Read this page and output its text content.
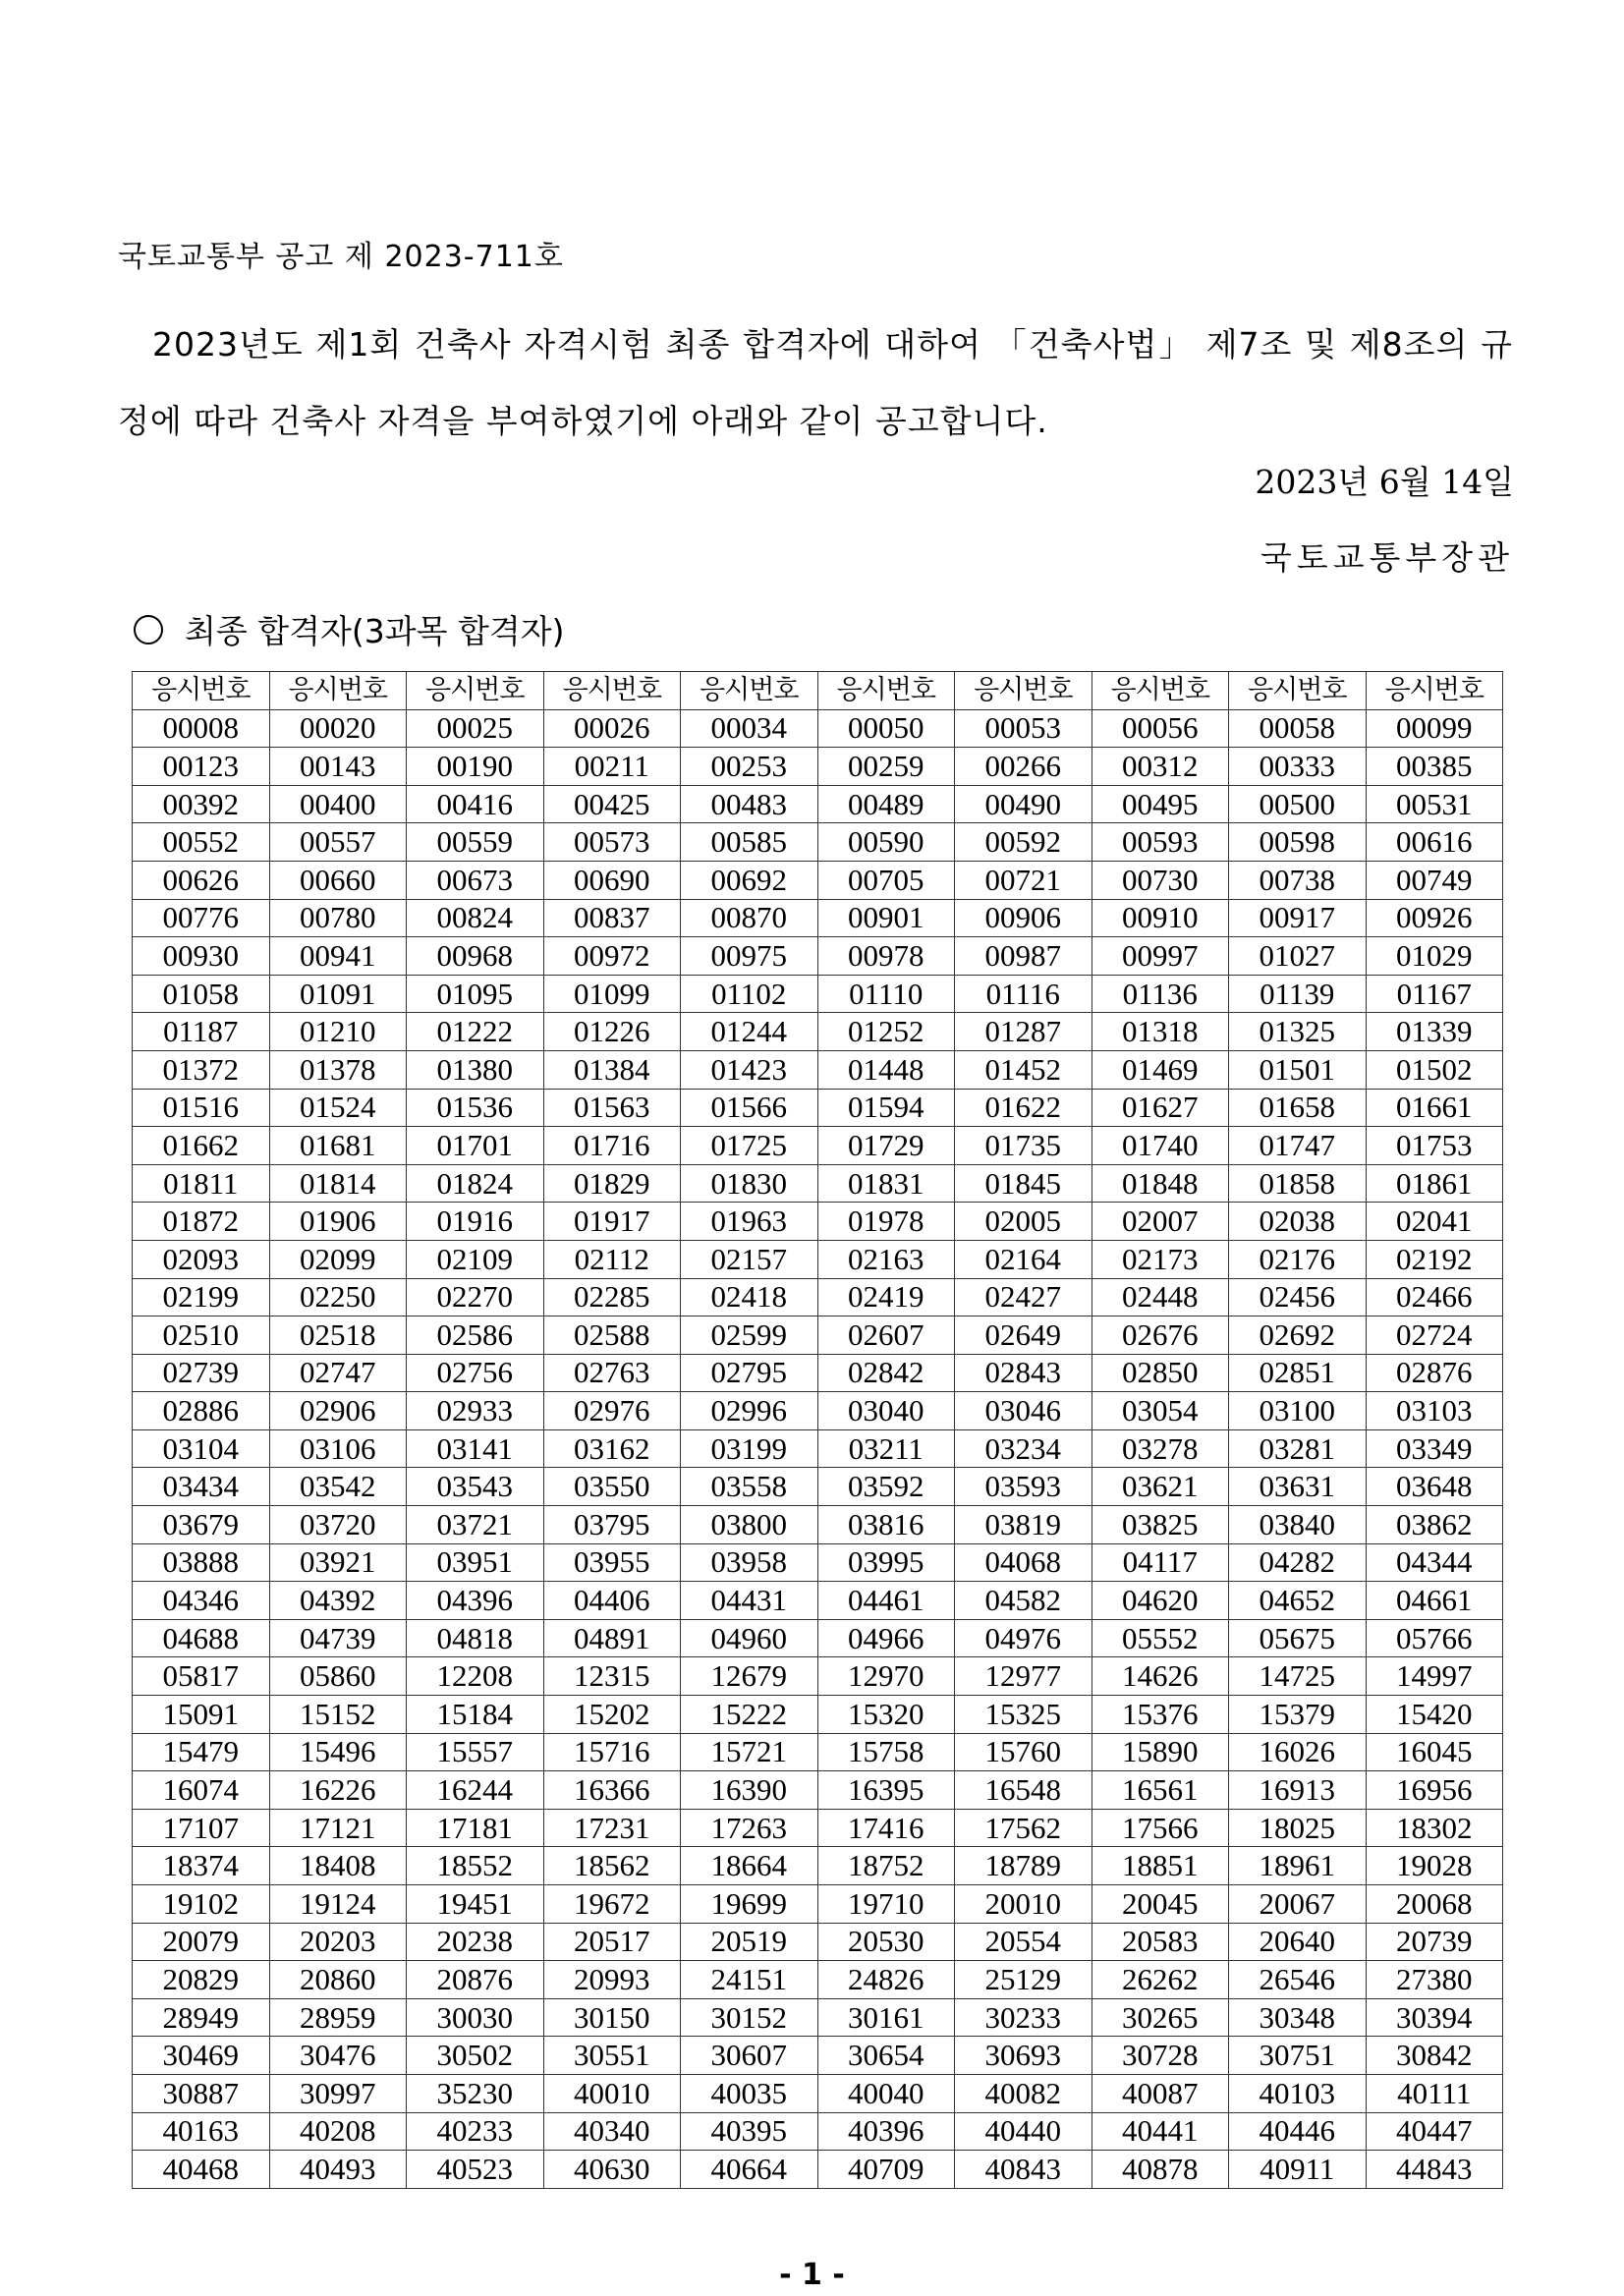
국토교통부 공고 제 2023-711호
2023년도 제1회 건축사 자격시험 최종 합격자에 대하여 「건축사법」 제7조 및 제8조의 규정에 따라 건축사 자격을 부여하였기에 아래와 같이 공고합니다.
2023년 6월 14일
국토교통부장관
최종 합격자(3과목 합격자)
응시번호	응시번호	응시번호	응시번호	응시번호	응시번호	응시번호	응시번호	응시번호	응시번호
00008	00020	00025	00026	00034	00050	00053	00056	00058	00099
00123	00143	00190	00211	00253	00259	00266	00312	00333	00385
00392	00400	00416	00425	00483	00489	00490	00495	00500	00531
00552	00557	00559	00573	00585	00590	00592	00593	00598	00616
00626	00660	00673	00690	00692	00705	00721	00730	00738	00749
00776	00780	00824	00837	00870	00901	00906	00910	00917	00926
00930	00941	00968	00972	00975	00978	00987	00997	01027	01029
01058	01091	01095	01099	01102	01110	01116	01136	01139	01167
01187	01210	01222	01226	01244	01252	01287	01318	01325	01339
01372	01378	01380	01384	01423	01448	01452	01469	01501	01502
01516	01524	01536	01563	01566	01594	01622	01627	01658	01661
01662	01681	01701	01716	01725	01729	01735	01740	01747	01753
01811	01814	01824	01829	01830	01831	01845	01848	01858	01861
01872	01906	01916	01917	01963	01978	02005	02007	02038	02041
02093	02099	02109	02112	02157	02163	02164	02173	02176	02192
02199	02250	02270	02285	02418	02419	02427	02448	02456	02466
02510	02518	02586	02588	02599	02607	02649	02676	02692	02724
02739	02747	02756	02763	02795	02842	02843	02850	02851	02876
02886	02906	02933	02976	02996	03040	03046	03054	03100	03103
03104	03106	03141	03162	03199	03211	03234	03278	03281	03349
03434	03542	03543	03550	03558	03592	03593	03621	03631	03648
03679	03720	03721	03795	03800	03816	03819	03825	03840	03862
03888	03921	03951	03955	03958	03995	04068	04117	04282	04344
04346	04392	04396	04406	04431	04461	04582	04620	04652	04661
04688	04739	04818	04891	04960	04966	04976	05552	05675	05766
05817	05860	12208	12315	12679	12970	12977	14626	14725	14997
15091	15152	15184	15202	15222	15320	15325	15376	15379	15420
15479	15496	15557	15716	15721	15758	15760	15890	16026	16045
16074	16226	16244	16366	16390	16395	16548	16561	16913	16956
17107	17121	17181	17231	17263	17416	17562	17566	18025	18302
18374	18408	18552	18562	18664	18752	18789	18851	18961	19028
19102	19124	19451	19672	19699	19710	20010	20045	20067	20068
20079	20203	20238	20517	20519	20530	20554	20583	20640	20739
20829	20860	20876	20993	24151	24826	25129	26262	26546	27380
28949	28959	30030	30150	30152	30161	30233	30265	30348	30394
30469	30476	30502	30551	30607	30654	30693	30728	30751	30842
30887	30997	35230	40010	40035	40040	40082	40087	40103	40111
40163	40208	40233	40340	40395	40396	40440	40441	40446	40447
40468	40493	40523	40630	40664	40709	40843	40878	40911	44843
- 1 -
